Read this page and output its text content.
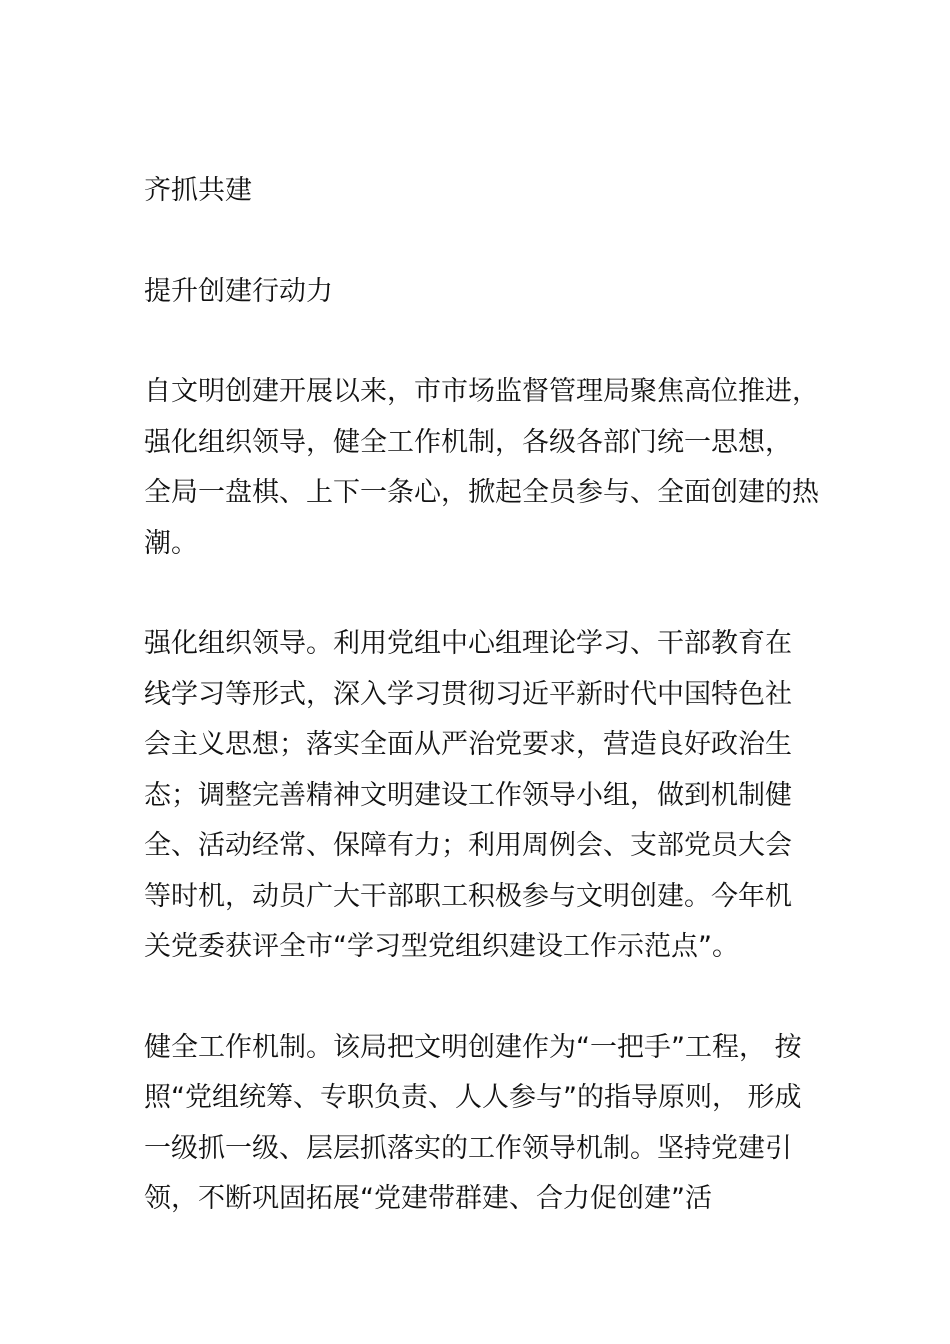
齐抓共建
提升创建行动力

自文明创建开展以来，市市场监督管理局聚焦高位推进，
强化组织领导，健全工作机制，各级各部门统一思想，
全局一盘棋、上下一条心，掀起全员参与、全面创建的热
潮。

强化组织领导。利用党组中心组理论学习、干部教育在
线学习等形式，深入学习贯彻习近平新时代中国特色社
会主义思想；落实全面从严治党要求，营造良好政治生
态；调整完善精神文明建设工作领导小组，做到机制健
全、活动经常、保障有力；利用周例会、支部党员大会
等时机，动员广大干部职工积极参与文明创建。今年机
关党委获评全市“学习型党组织建设工作示范点”。

健全工作机制。该局把文明创建作为“一把手”工程， 按
照“党组统筹、专职负责、人人参与”的指导原则， 形成
一级抓一级、层层抓落实的工作领导机制。坚持党建引
领，不断巩固拓展“党建带群建、合力促创建”活
